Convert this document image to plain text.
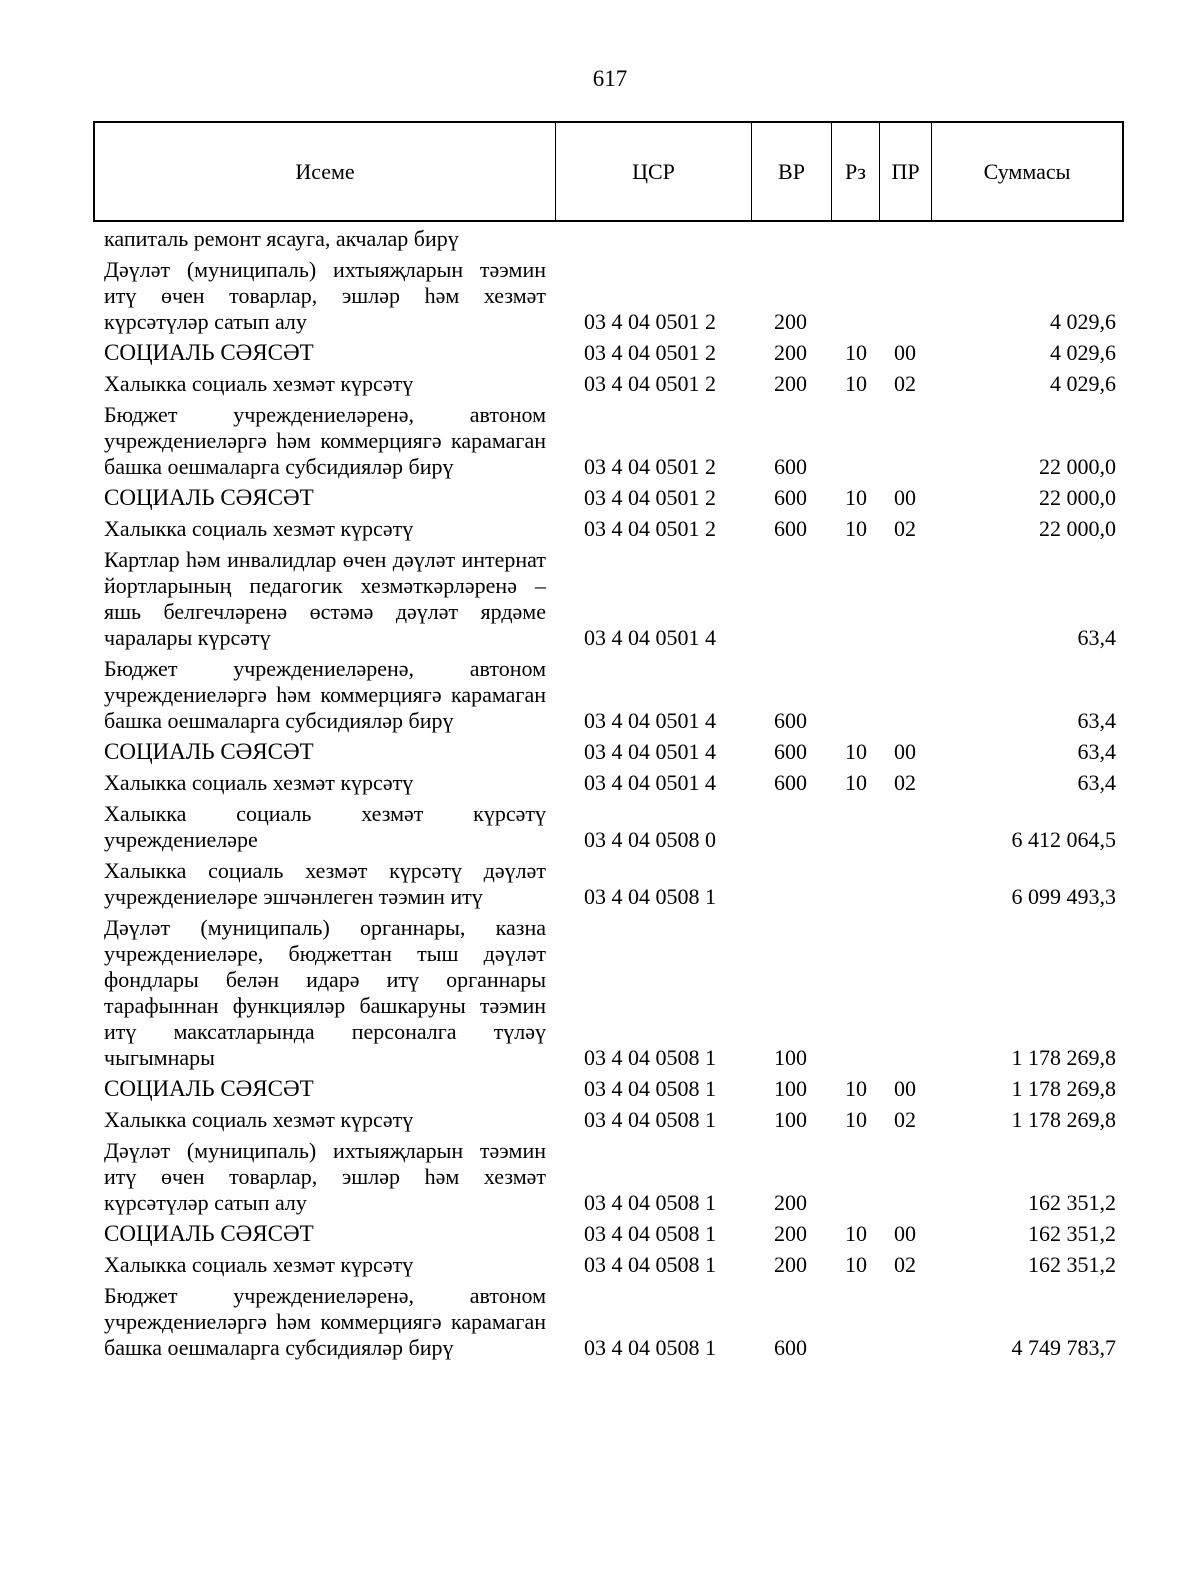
617
Исеме	ЦСР	ВР	Рз	ПР	Суммасы
капиталь ремонт ясауга, акчалар бирү
Дәүләт (муниципаль) ихтыяҗларын тәэмин итү өчен товарлар, эшләр һәм хезмәт күрсәтүләр сатып алу	03 4 04 0501 2	200	4 029,6
СОЦИАЛЬ СӘЯСӘТ	03 4 04 0501 2	200 10 00	4 029,6
Халыкка социаль хезмәт күрсәтү	03 4 04 0501 2	200 10 02	4 029,6
Бюджет учреждениеләренә, автоном учреждениеләргә һәм коммерциягә карамаган башка оешмаларга субсидияләр бирү	03 4 04 0501 2	600	22 000,0
СОЦИАЛЬ СӘЯСӘТ	03 4 04 0501 2	600 10 00	22 000,0
Халыкка социаль хезмәт күрсәтү	03 4 04 0501 2	600 10 02	22 000,0
Картлар һәм инвалидлар өчен дәүләт интернат йортларының педагогик хезмәткәрләренә – яшь белгечләренә өстәмә дәүләт ярдәме чаралары күрсәтү	03 4 04 0501 4	63,4
Бюджет учреждениеләренә, автоном учреждениеләргә һәм коммерциягә карамаган башка оешмаларга субсидияләр бирү	03 4 04 0501 4	600	63,4
СОЦИАЛЬ СӘЯСӘТ	03 4 04 0501 4	600 10 00	63,4
Халыкка социаль хезмәт күрсәтү	03 4 04 0501 4	600 10 02	63,4
Халыкка социаль хезмәт күрсәтү учреждениеләре	03 4 04 0508 0	6 412 064,5
Халыкка социаль хезмәт күрсәтү дәүләт учреждениеләре эшчәнлеген тәэмин итү	03 4 04 0508 1	6 099 493,3
Дәүләт (муниципаль) органнары, казна учреждениеләре, бюджеттан тыш дәүләт фондлары белән идарә итү органнары тарафыннан функцияләр башкаруны тәэмин итү максатларында персоналга түләү чыгымнары	03 4 04 0508 1	100	1 178 269,8
СОЦИАЛЬ СӘЯСӘТ	03 4 04 0508 1	100 10 00	1 178 269,8
Халыкка социаль хезмәт күрсәтү	03 4 04 0508 1	100 10 02	1 178 269,8
Дәүләт (муниципаль) ихтыяҗларын тәэмин итү өчен товарлар, эшләр һәм хезмәт күрсәтүләр сатып алу	03 4 04 0508 1	200	162 351,2
СОЦИАЛЬ СӘЯСӘТ	03 4 04 0508 1	200 10 00	162 351,2
Халыкка социаль хезмәт күрсәтү	03 4 04 0508 1	200 10 02	162 351,2
Бюджет учреждениеләренә, автоном учреждениеләргә һәм коммерциягә карамаган башка оешмаларга субсидияләр бирү	03 4 04 0508 1	600	4 749 783,7
